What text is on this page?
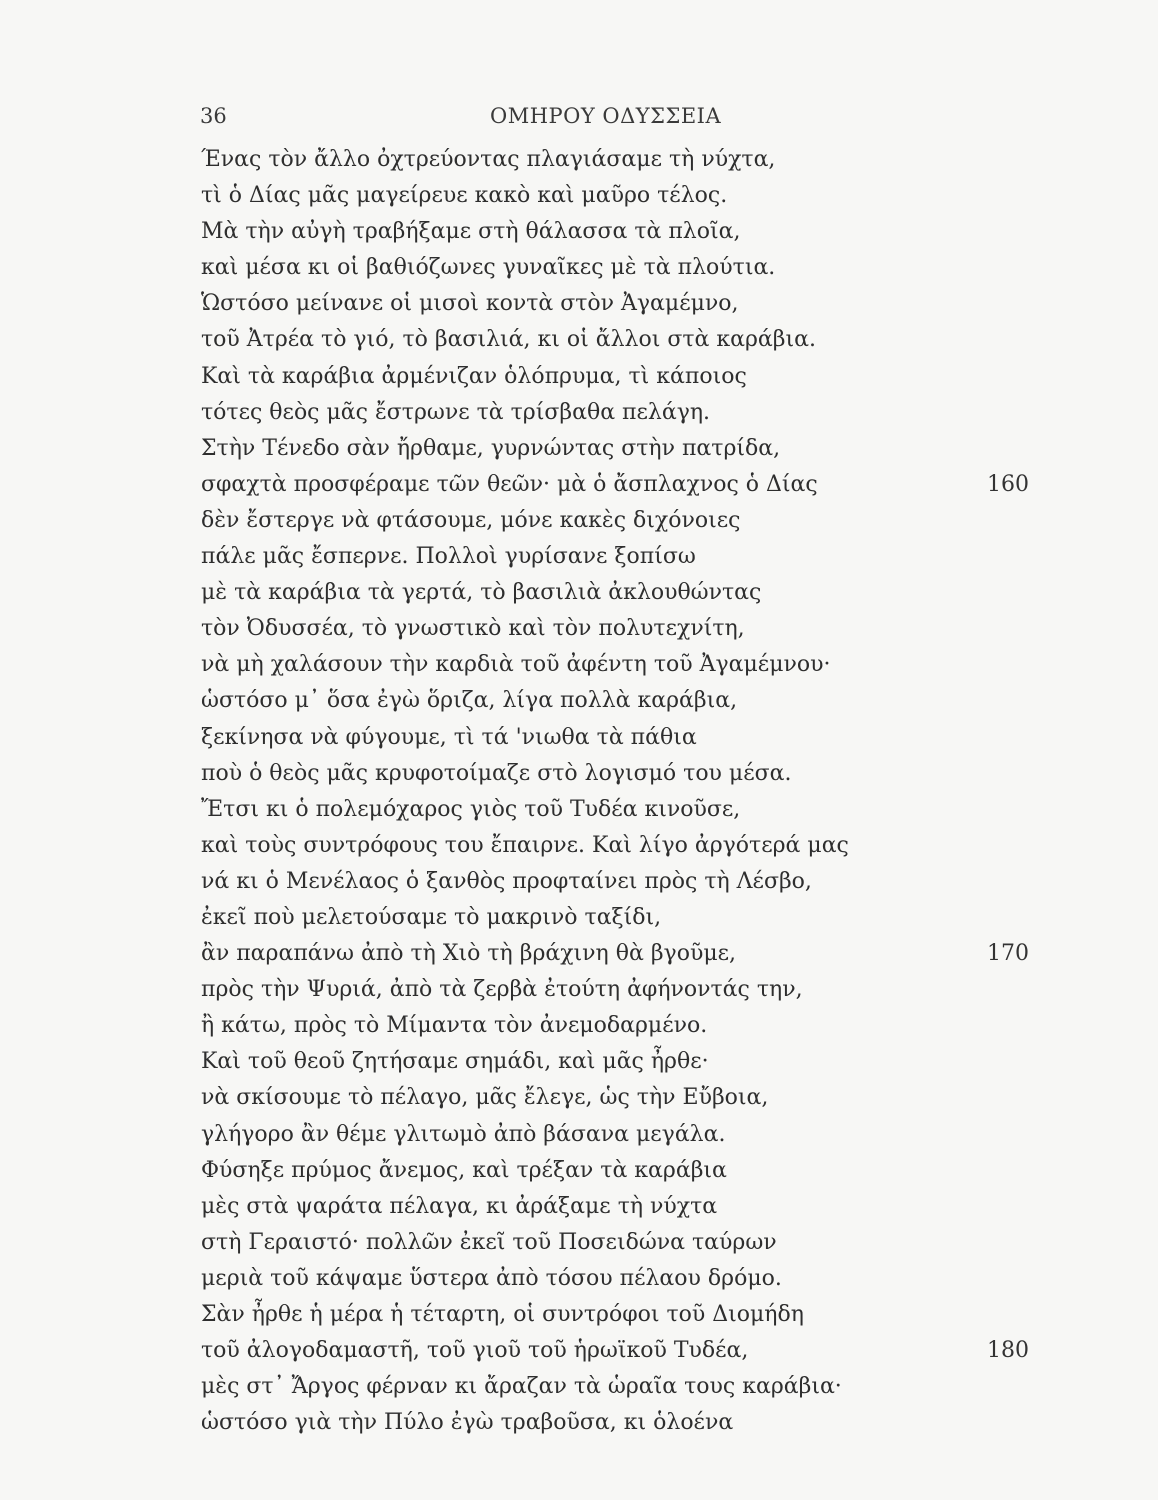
36	ΟΜΗΡΟΥ ΟΔΥΣΣΕΙΑ
Ένας τὸν ἄλλο ὀχτρεύοντας πλαγιάσαμε τὴ νύχτα,
τὶ ὁ Δίας μᾶς μαγείρευε κακὸ καὶ μαῦρο τέλος.
Μὰ τὴν αὐγὴ τραβήξαμε στὴ θάλασσα τὰ πλοῖα,
καὶ μέσα κι οἱ βαθιόζωνες γυναῖκες μὲ τὰ πλούτια.
Ὡστόσο μείνανε οἱ μισοὶ κοντὰ στὸν Ἀγαμέμνο,
τοῦ Ἀτρέα τὸ γιό, τὸ βασιλιά, κι οἱ ἄλλοι στὰ καράβια.
Καὶ τὰ καράβια ἀρμένιζαν ὁλόπρυμα, τὶ κάποιος
τότες θεὸς μᾶς ἔστρωνε τὰ τρίσβαθα πελάγη.
Στὴν Τένεδο σὰν ἤρθαμε, γυρνώντας στὴν πατρίδα,
σφαχτὰ προσφέραμε τῶν θεῶν· μὰ ὁ ἄσπλαχνος ὁ Δίας	160
δὲν ἔστεργε νὰ φτάσουμε, μόνε κακὲς διχόνοιες
πάλε μᾶς ἔσπερνε. Πολλοὶ γυρίσανε ξοπίσω
μὲ τὰ καράβια τὰ γερτά, τὸ βασιλιὰ ἀκλουθώντας
τὸν Ὀδυσσέα, τὸ γνωστικὸ καὶ τὸν πολυτεχνίτη,
νὰ μὴ χαλάσουν τὴν καρδιὰ τοῦ ἀφέντη τοῦ Ἀγαμέμνου·
ὡστόσο μ᾿ ὅσα ἐγὼ ὅριζα, λίγα πολλὰ καράβια,
ξεκίνησα νὰ φύγουμε, τὶ τά 'νιωθα τὰ πάθια
ποὺ ὁ θεὸς μᾶς κρυφοτοίμαζε στὸ λογισμό του μέσα.
Ἔτσι κι ὁ πολεμόχαρος γιὸς τοῦ Τυδέα κινοῦσε,
καὶ τοὺς συντρόφους του ἔπαιρνε. Καὶ λίγο ἀργότερά μας
νά κι ὁ Μενέλαος ὁ ξανθὸς προφταίνει πρὸς τὴ Λέσβο,
ἐκεῖ ποὺ μελετούσαμε τὸ μακρινὸ ταξίδι,
ἂν παραπάνω ἀπὸ τὴ Χιὸ τὴ βράχινη θὰ βγοῦμε,	170
πρὸς τὴν Ψυριά, ἀπὸ τὰ ζερβὰ ἐτούτη ἀφήνοντάς την,
ἢ κάτω, πρὸς τὸ Μίμαντα τὸν ἀνεμοδαρμένο.
Καὶ τοῦ θεοῦ ζητήσαμε σημάδι, καὶ μᾶς ἦρθε·
νὰ σκίσουμε τὸ πέλαγο, μᾶς ἔλεγε, ὡς τὴν Εὔβοια,
γλήγορο ἂν θέμε γλιτωμὸ ἀπὸ βάσανα μεγάλα.
Φύσηξε πρύμος ἄνεμος, καὶ τρέξαν τὰ καράβια
μὲς στὰ ψαράτα πέλαγα, κι ἀράξαμε τὴ νύχτα
στὴ Γεραιστό· πολλῶν ἐκεῖ τοῦ Ποσειδώνα ταύρων
μεριὰ τοῦ κάψαμε ὕστερα ἀπὸ τόσου πέλαου δρόμο.
Σὰν ἦρθε ἡ μέρα ἡ τέταρτη, οἱ συντρόφοι τοῦ Διομήδη
τοῦ ἀλογοδαμαστῆ, τοῦ γιοῦ τοῦ ἡρωϊκοῦ Τυδέα,	180
μὲς στ᾿ Ἄργος φέρναν κι ἄραζαν τὰ ὡραῖα τους καράβια·
ὡστόσο γιὰ τὴν Πύλο ἐγὼ τραβοῦσα, κι ὁλοένα
